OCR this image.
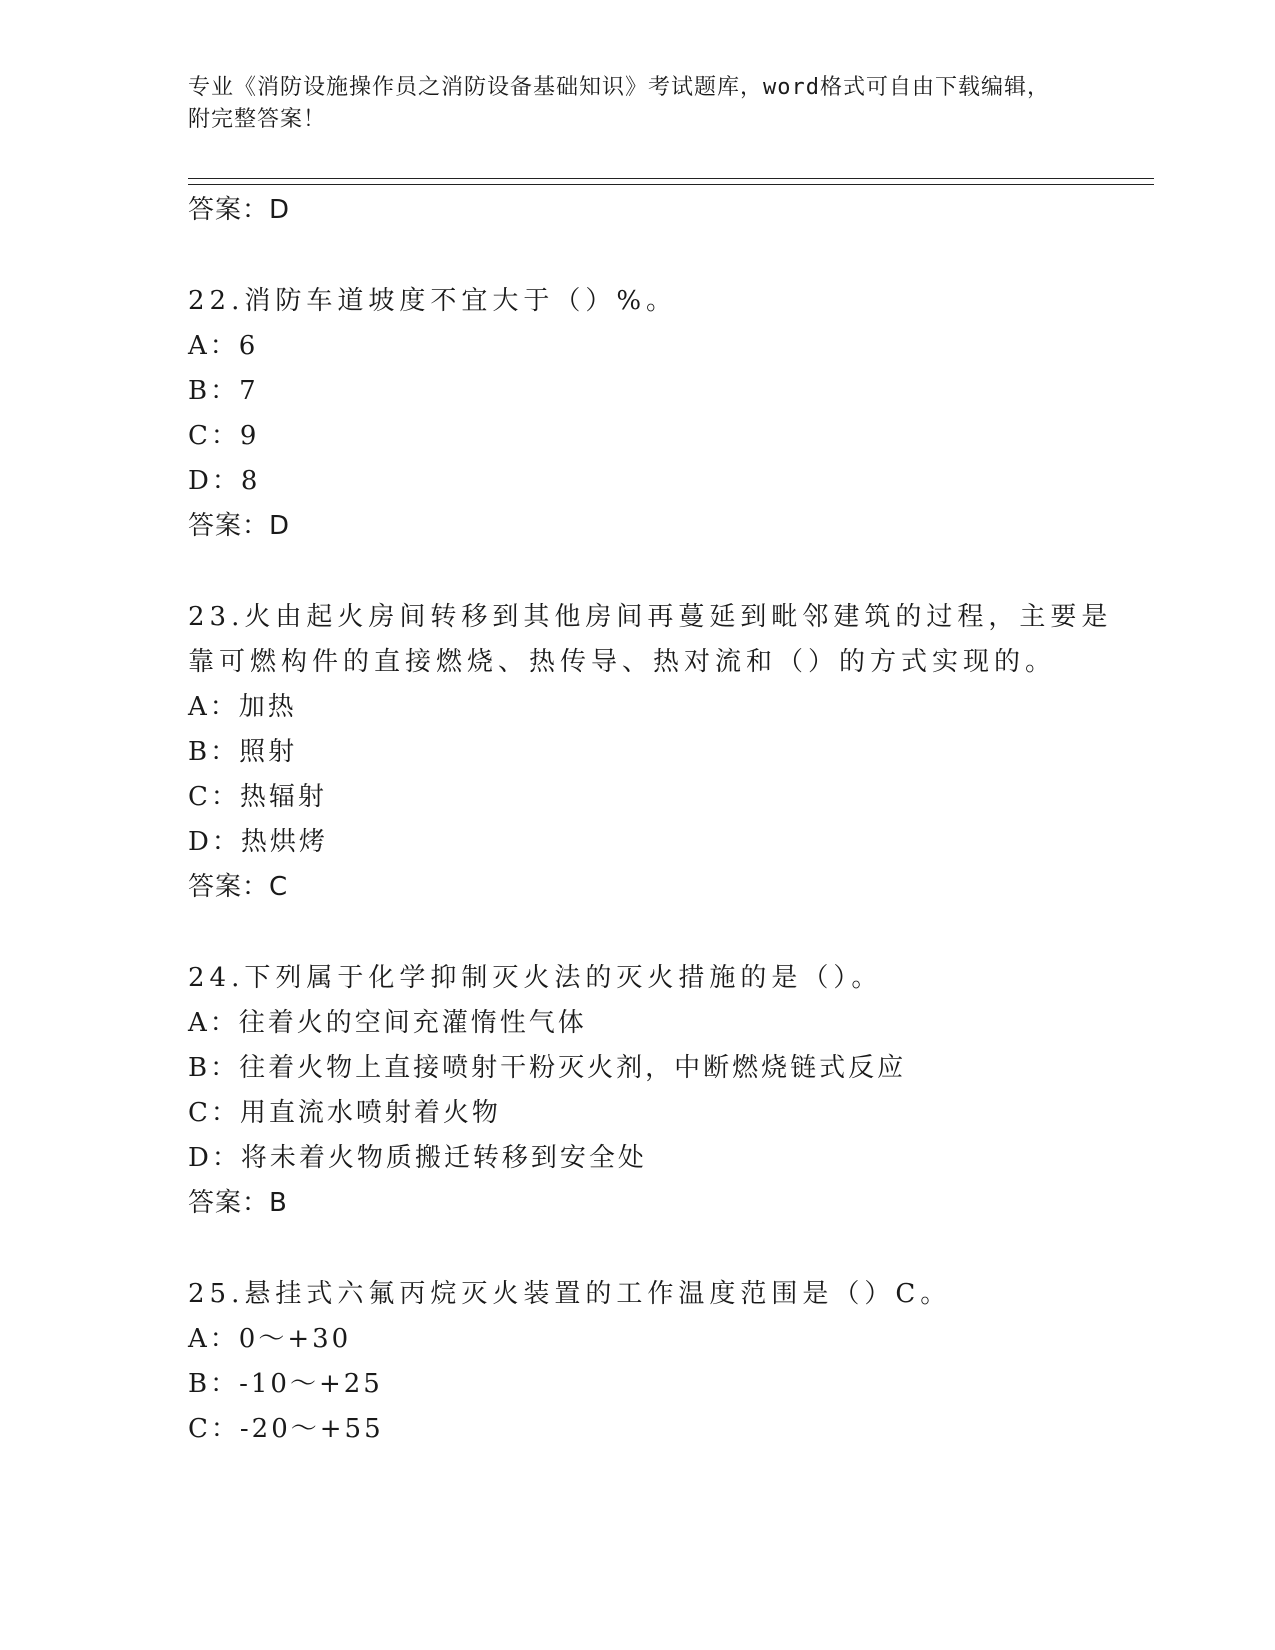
专业《消防设施操作员之消防设备基础知识》考试题库，word格式可自由下载编辑，附完整答案！
答案：D
22.消防车道坡度不宜大于（）%。
A：6
B：7
C：9
D：8
答案：D
23.火由起火房间转移到其他房间再蔓延到毗邻建筑的过程，主要是靠可燃构件的直接燃烧、热传导、热对流和（）的方式实现的。
A：加热
B：照射
C：热辐射
D：热烘烤
答案：C
24.下列属于化学抑制灭火法的灭火措施的是（）。
A：往着火的空间充灌惰性气体
B：往着火物上直接喷射干粉灭火剂，中断燃烧链式反应
C：用直流水喷射着火物
D：将未着火物质搬迁转移到安全处
答案：B
25.悬挂式六氟丙烷灭火装置的工作温度范围是（）C。
A：0～+30
B：-10～+25
C：-20～+55
